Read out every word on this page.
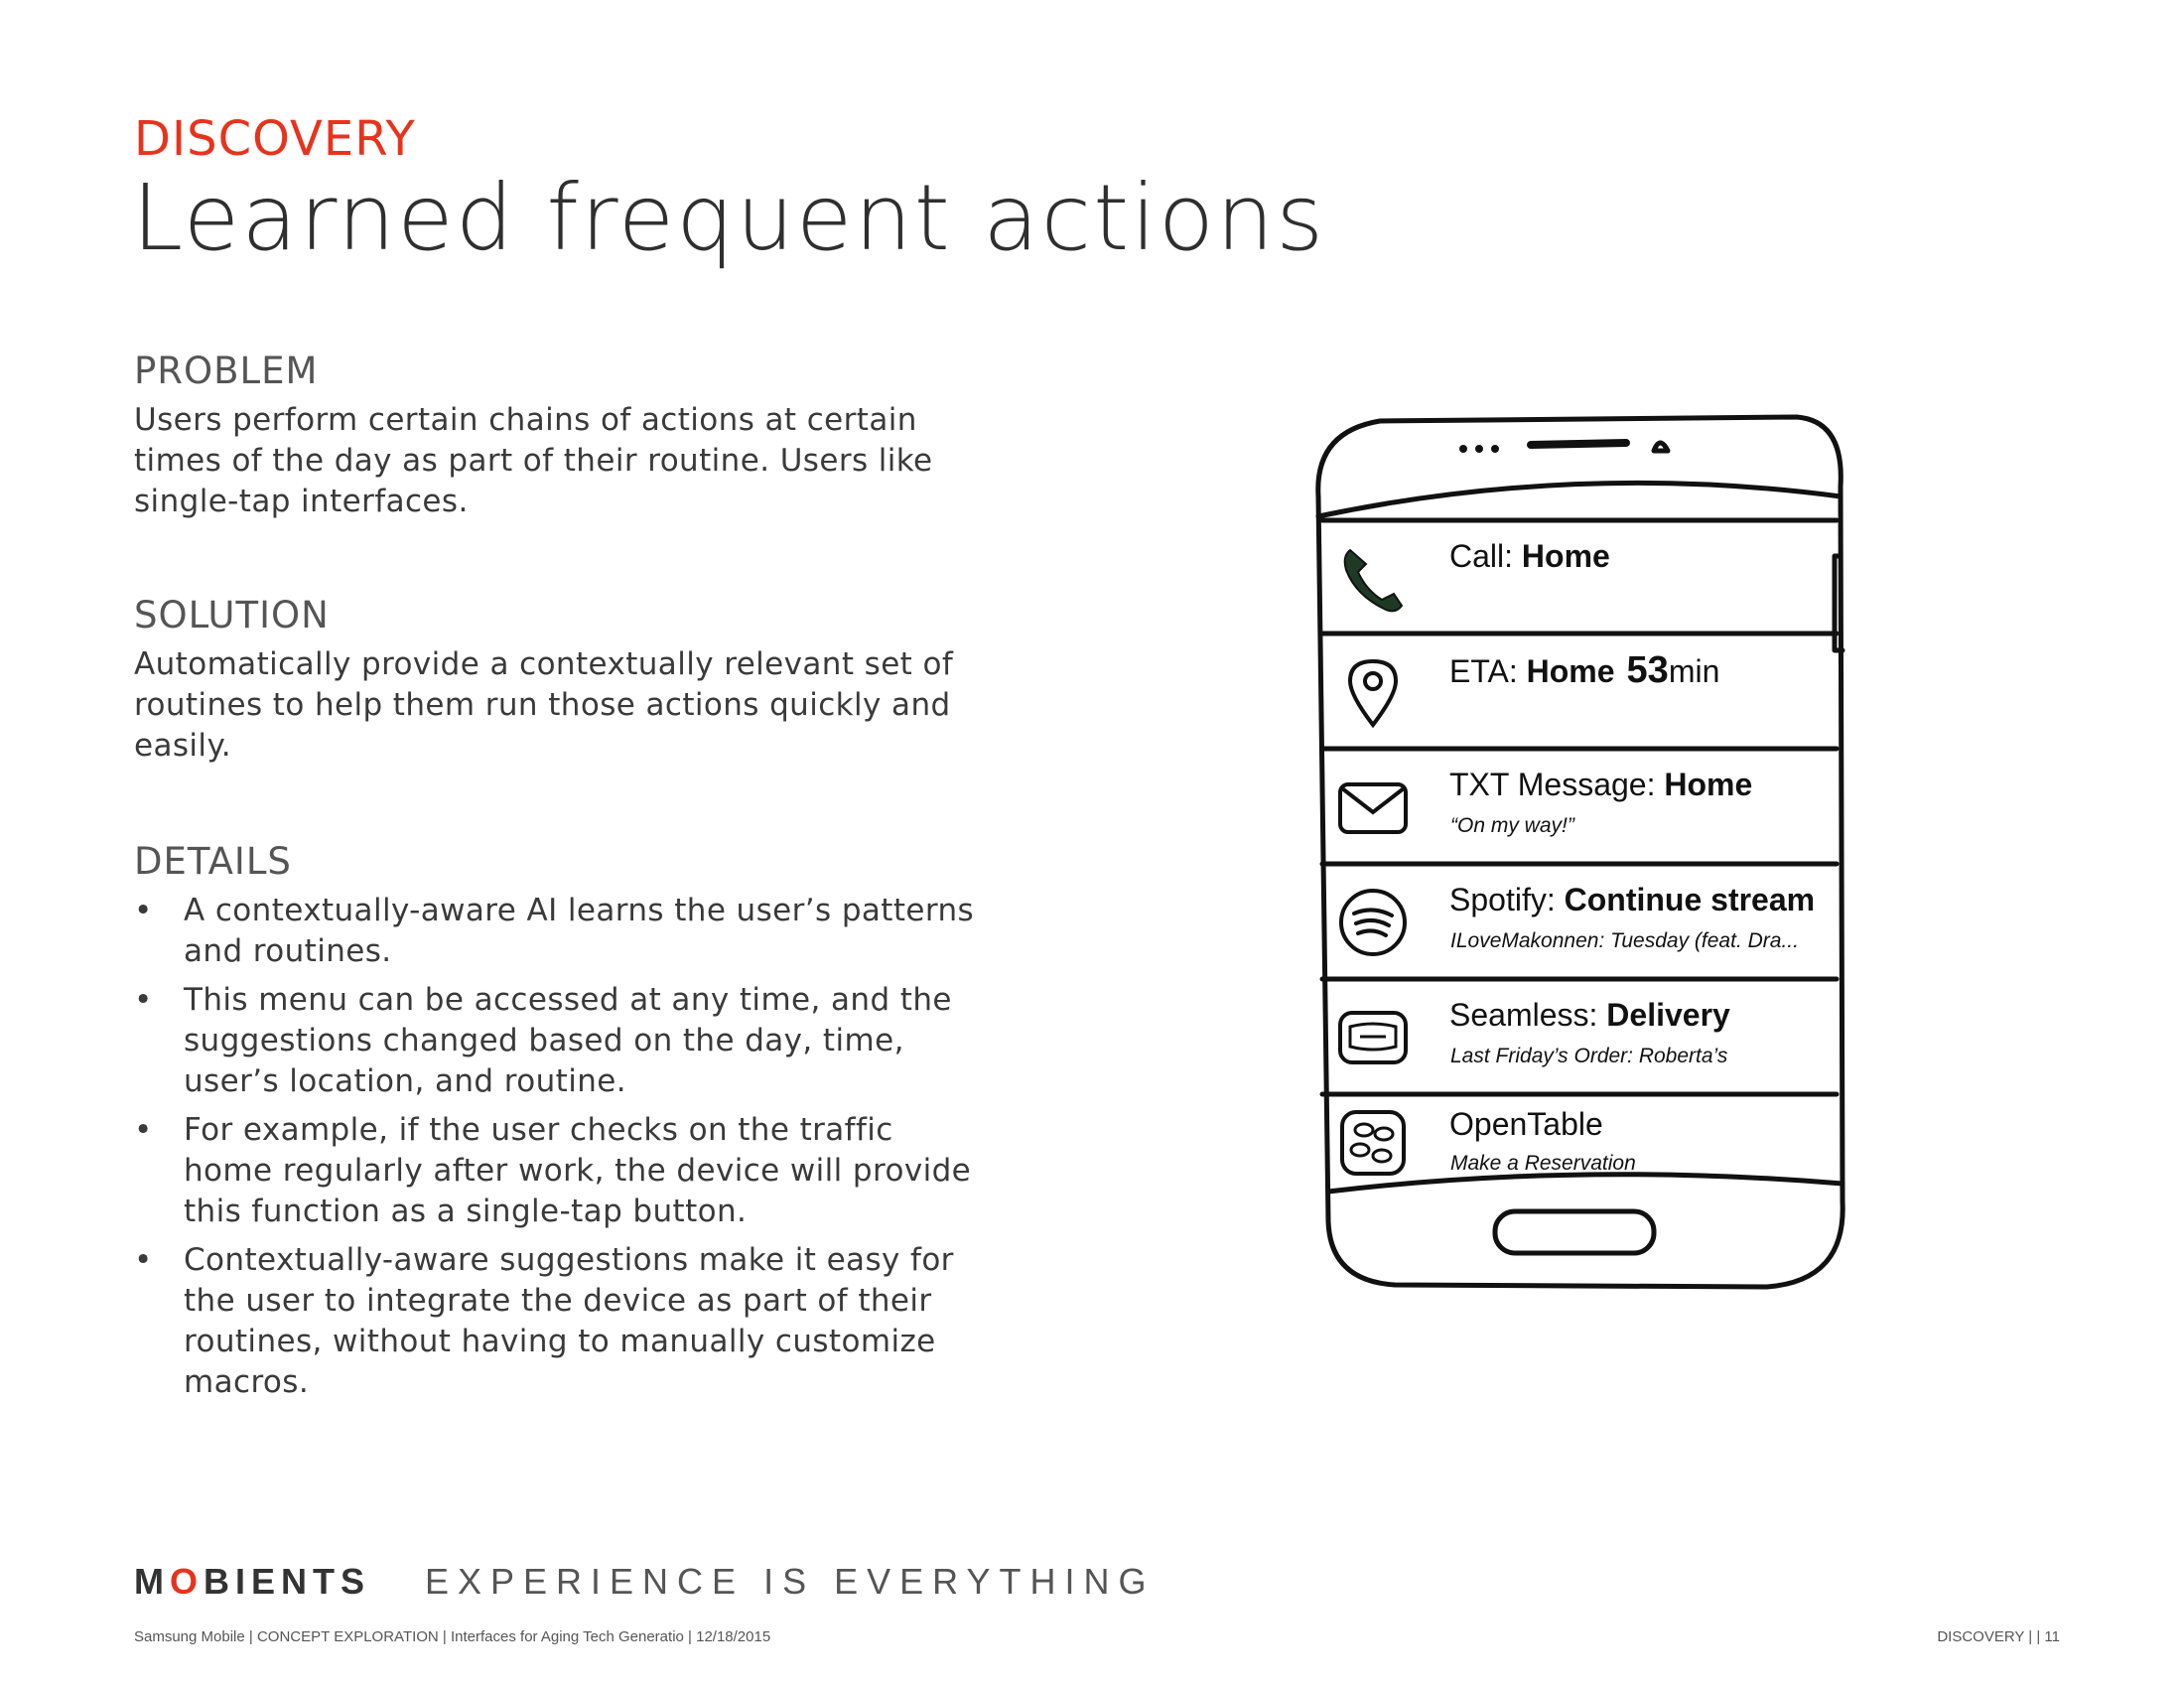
DISCOVERY
Learned frequent actions
PROBLEM

Users perform certain chains of actions at certain times of the day as part of their routine. Users like single-tap interfaces.

SOLUTION

Automatically provide a contextually relevant set of routines to help them run those actions quickly and easily.

DETAILS
• A contextually-aware AI learns the user’s patterns and routines.
• This menu can be accessed at any time, and the suggestions changed based on the day, time, user’s location, and routine.
• For example, if the user checks on the traffic home regularly after work, the device will provide this function as a single-tap button.
• Contextually-aware suggestions make it easy for the user to integrate the device as part of their routines, without having to manually customize macros.
Call: Home
ETA: Home 53min
TXT Message: Home
“On my way!”
Spotify: Continue stream
ILoveMakonnen: Tuesday (feat. Dra...
Seamless: Delivery
Last Friday’s Order: Roberta’s
OpenTable
Make a Reservation
MOBIENTS EXPERIENCE IS EVERYTHING
Samsung Mobile | CONCEPT EXPLORATION | Interfaces for Aging Tech Generatio | 12/18/2015	DISCOVERY | | 11
